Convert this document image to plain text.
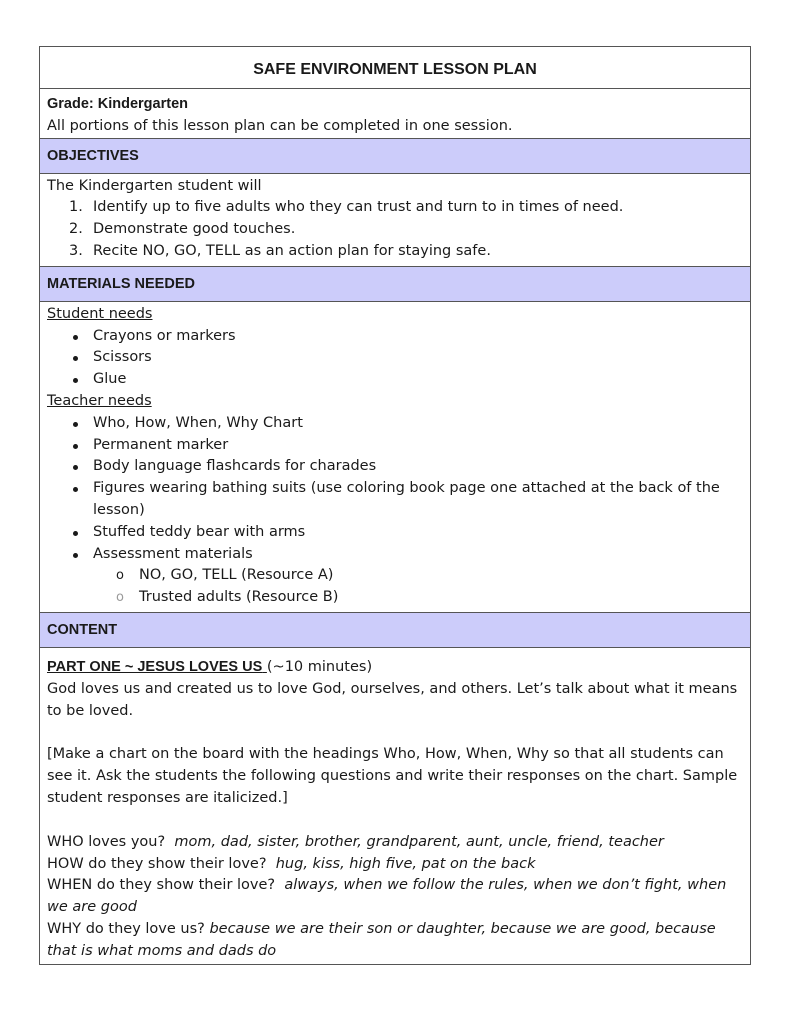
SAFE ENVIRONMENT LESSON PLAN
Grade: Kindergarten
All portions of this lesson plan can be completed in one session.
OBJECTIVES
The Kindergarten student will
1. Identify up to five adults who they can trust and turn to in times of need.
2. Demonstrate good touches.
3. Recite NO, GO, TELL as an action plan for staying safe.
MATERIALS NEEDED
Student needs
Crayons or markers
Scissors
Glue
Teacher needs
Who, How, When, Why Chart
Permanent marker
Body language flashcards for charades
Figures wearing bathing suits (use coloring book page one attached at the back of the lesson)
Stuffed teddy bear with arms
Assessment materials
o NO, GO, TELL (Resource A)
o Trusted adults (Resource B)
CONTENT
PART ONE ~ JESUS LOVES US (~10 minutes)
God loves us and created us to love God, ourselves, and others. Let’s talk about what it means to be loved.
[Make a chart on the board with the headings Who, How, When, Why so that all students can see it. Ask the students the following questions and write their responses on the chart. Sample student responses are italicized.]
WHO loves you? mom, dad, sister, brother, grandparent, aunt, uncle, friend, teacher
HOW do they show their love? hug, kiss, high five, pat on the back
WHEN do they show their love? always, when we follow the rules, when we don’t fight, when we are good
WHY do they love us? because we are their son or daughter, because we are good, because that is what moms and dads do
